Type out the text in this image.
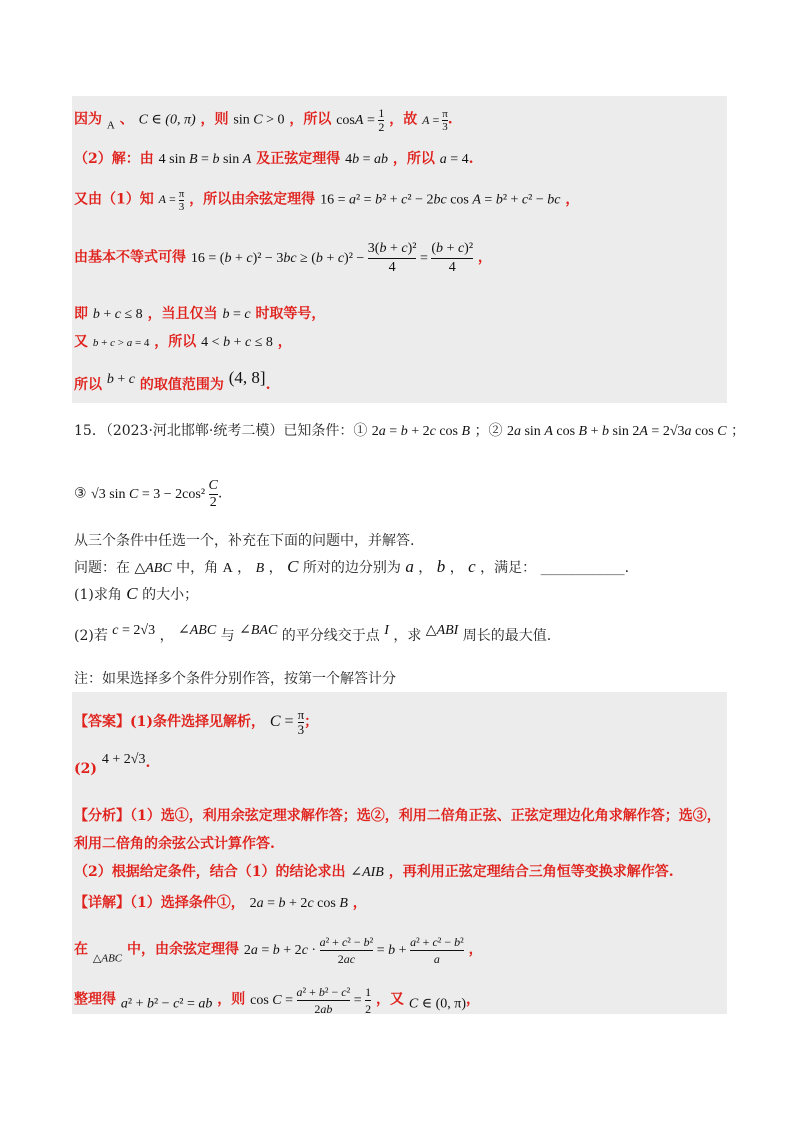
因为 $_A$ 、 C ∈ (0, π) ，则 sin C > 0 ，所以 $\cos A = \frac{1}{2}$ ，故 $A = \frac{\pi}{3}$ .
（2）解：由 4 sin B = b sin A 及正弦定理得 4b = ab ，所以 a = 4.
又由（1）知 $A = \frac{\pi}{3}$ ，所以由余弦定理得 16 = a² = b² + c² − 2bc cos A = b² + c² − bc ，
由基本不等式可得 $16 = (b + c)^2 - 3bc \ge (b + c)^2 - \frac{\text{3(b + c)²}}{4} = \frac{\text{(b + c)²}}{4}$ ，
即 b + c ≤ 8 ，当且仅当 b = c 时取等号，
又 b + c > a = 4 ，所以 4 < b + c ≤ 8 ，
所以 b + c 的取值范围为 (4, 8].
15．（2023·河北邯郸·统考二模）已知条件：① 2a = b + 2c cos B ；② 2a sin A cos B + b sin 2A = 2√3a cos C ；
③ √3 $\sin C = 3 - 2\cos^2 \frac{C}{2}$ .
从三个条件中任选一个，补充在下面的问题中，并解答.
问题：在 △ABC 中，角 A ， B ， C 所对的边分别为 a ， b ， c ，满足： ____________.
(1)求角 C 的大小；
(2)若 c = 2√3 ， ∠ABC 与 ∠BAC 的平分线交于点 I ，求 △ABI 周长的最大值.
注：如果选择多个条件分别作答，按第一个解答计分
【答案】(1)条件选择见解析， $C = \frac{\pi}{3}$ ；
(2) 4 + 2√3.
【分析】（1）选①，利用余弦定理求解作答；选②，利用二倍角正弦、正弦定理边化角求解作答；选③，
利用二倍角的余弦公式计算作答.
（2）根据给定条件，结合（1）的结论求出 ∠AIB ，再利用正弦定理结合三角恒等变换求解作答.
【详解】（1）选择条件①， 2a = b + 2c cos B ，
在 $_{\triangle ABC}$ 中，由余弦定理得 $2a = b + 2c \cdot \frac{\text{a² + c² − b²}}{2ac} = b + \frac{\text{a² + c² − b²}}{a}$ ，
整理得 a² + b² − c² = ab ，则 $\cos C = \frac{\text{a² + b² − c²}}{2ab} = \frac{1}{2}$ ，又 C ∈ (0, π)，
